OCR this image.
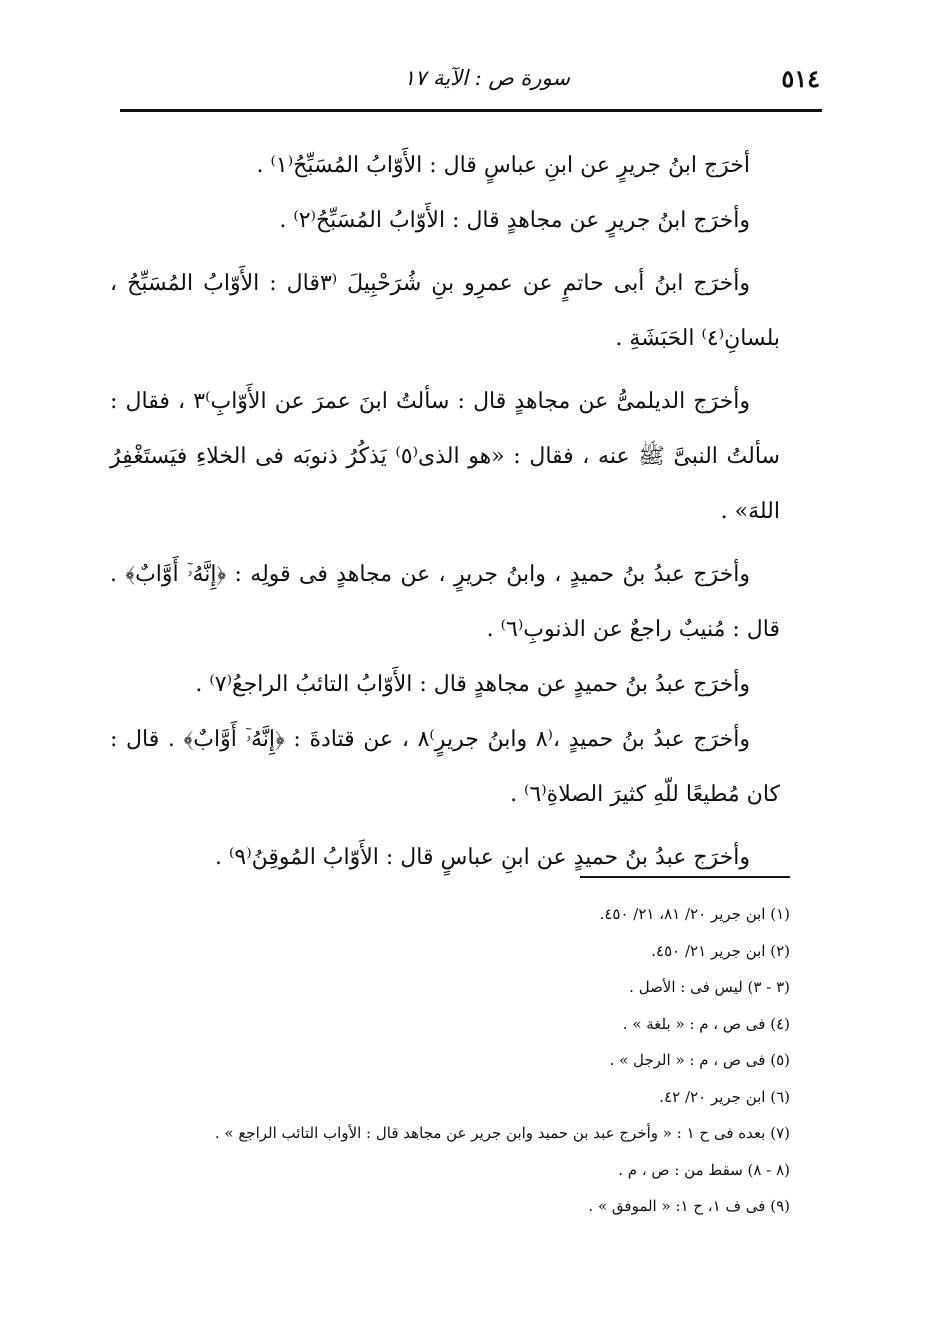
٥١٤
سورة ص : الآية ١٧

أخرَج ابنُ جريرٍ عن ابنِ عباسٍ قال : الأَوّابُ المُسَبِّحُ⁽١⁾ .

وأخرَج ابنُ جريرٍ عن مجاهدٍ قال : الأَوّابُ المُسَبِّحُ⁽٢⁾ .

وأخرَج ابنُ أبى حاتمٍ عن عمرِو بنِ شُرَحْبِيلَ ⁽٣قال : الأَوّابُ المُسَبِّحُ ، بلسانِ⁽٤⁾ الحَبَشَةِ .

وأخرَج الديلمىُّ عن مجاهدٍ قال : سألتُ ابنَ عمرَ عن الأَوّابِ⁾٣ ، فقال : سألتُ النبىَّ ﷺ عنه ، فقال : «هو الذى⁽٥⁾ يَذكُرُ ذنوبَه فى الخلاءِ فيَستَغْفِرُ اللهَ» .

وأخرَج عبدُ بنُ حميدٍ ، وابنُ جريرٍ ، عن مجاهدٍ فى قولِه : ﴿إِنَّهُۥٓ أَوَّابٌ﴾ . قال : مُنيبٌ راجعٌ عن الذنوبِ⁽٦⁾ .

وأخرَج عبدُ بنُ حميدٍ عن مجاهدٍ قال : الأَوّابُ التائبُ الراجعُ⁽٧⁾ .

وأخرَج عبدُ بنُ حميدٍ ،⁽٨ وابنُ جريرٍ⁾٨ ، عن قتادةَ : ﴿إِنَّهُۥٓ أَوَّابٌ﴾ . قال : كان مُطيعًا للّهِ كثيرَ الصلاةِ⁽٦⁾ .

وأخرَج عبدُ بنُ حميدٍ عن ابنِ عباسٍ قال : الأَوّابُ المُوقِنُ⁽٩⁾ .

(١) ابن جرير ٢٠/ ٨١، ٢١/ ٤٥٠.
(٢) ابن جرير ٢١/ ٤٥٠.
(٣ - ٣) ليس فى : الأصل .
(٤) فى ص ، م : « بلغة » .
(٥) فى ص ، م : « الرجل » .
(٦) ابن جرير ٢٠/ ٤٢.
(٧) بعده فى ح ١ : « وأخرج عبد بن حميد وابن جرير عن مجاهد قال : الأواب التائب الراجع » .
(٨ - ٨) سقط من : ص ، م .
(٩) فى ف ١، ح ١: « الموفق » .
